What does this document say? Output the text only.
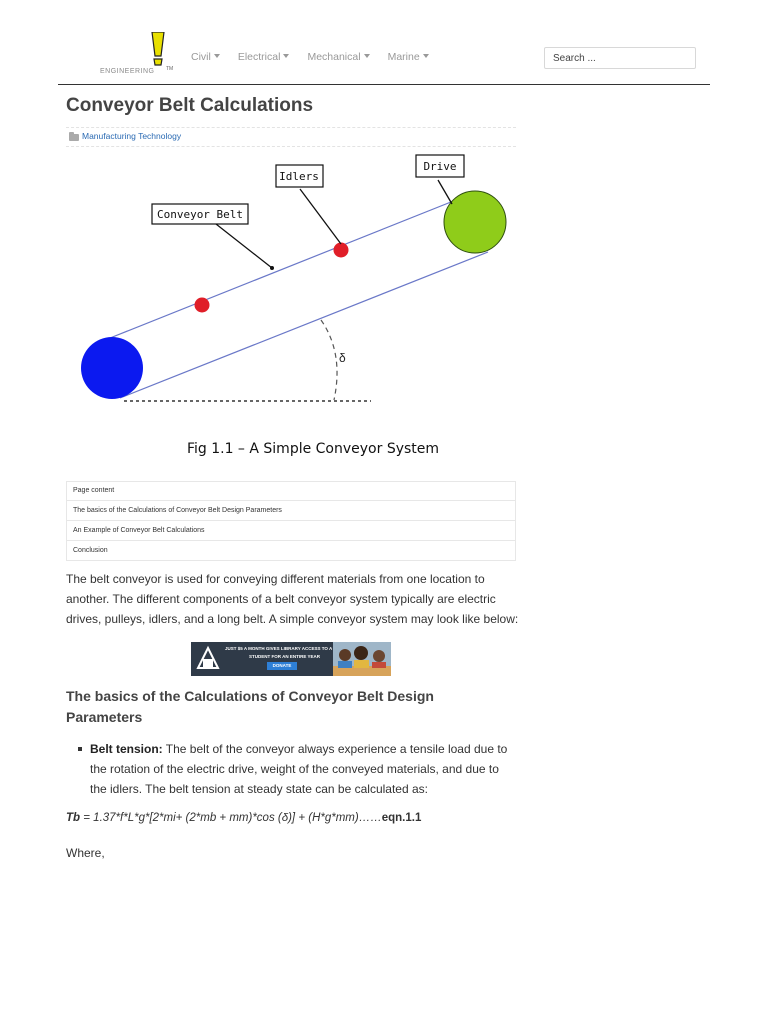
ENGINEERING TM
Civil	Electrical	Mechanical	Marine
Search ...
Conveyor Belt Calculations
Manufacturing Technology
δ
Conveyor Belt
Idlers
Drive
Fig 1.1 – A Simple Conveyor System
Page content
The basics of the Calculations of Conveyor Belt Design Parameters
An Example of Conveyor Belt Calculations
Conclusion

The belt conveyor is used for conveying different materials from one location to another. The different components of a belt conveyor system typically are electric drives, pulleys, idlers, and a long belt. A simple conveyor system may look like below:

JUST $5 A MONTH GIVES LIBRARY ACCESS TO A
STUDENT FOR AN ENTIRE YEAR
DONATE
The basics of the Calculations of Conveyor Belt Design Parameters
Belt tension: The belt of the conveyor always experience a tensile load due to the rotation of the electric drive, weight of the conveyed materials, and due to the idlers. The belt tension at steady state can be calculated as:

Tb = 1.37*f*L*g*[2*mi+ (2*mb + mm)*cos (δ)] + (H*g*mm)……eqn.1.1

Where,
